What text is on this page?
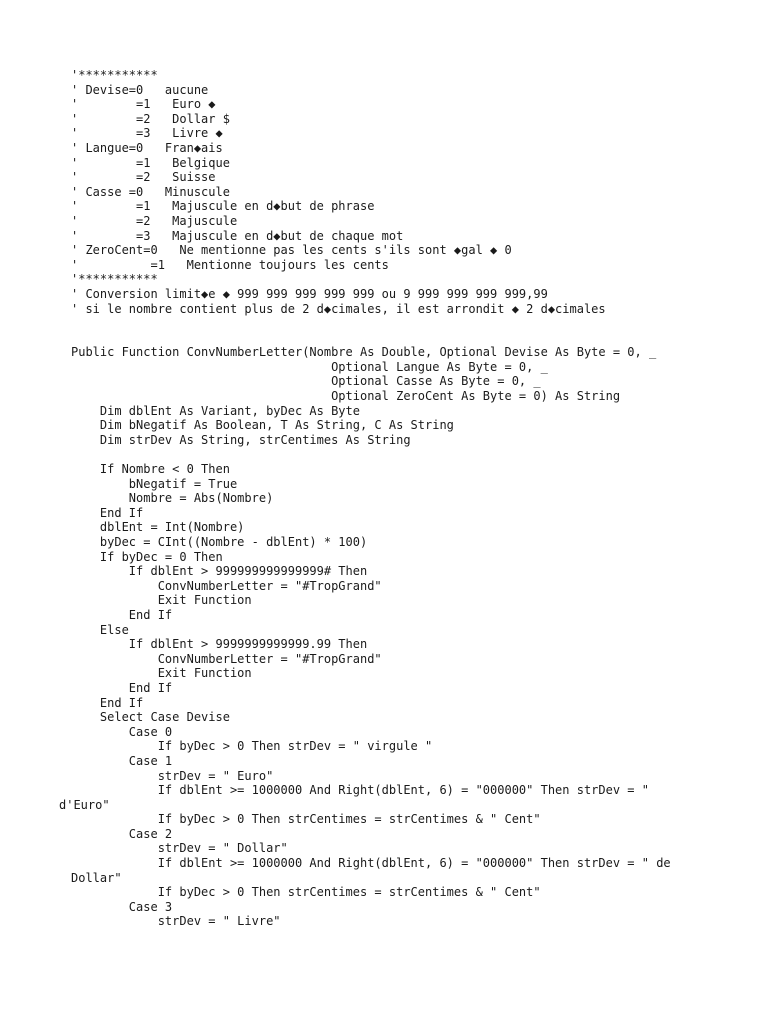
'***********
' Devise=0   aucune
'        =1   Euro ◆
'        =2   Dollar $
'        =3   Livre ◆
' Langue=0   Fran◆ais
'        =1   Belgique
'        =2   Suisse
' Casse =0   Minuscule
'        =1   Majuscule en d◆but de phrase
'        =2   Majuscule
'        =3   Majuscule en d◆but de chaque mot
' ZeroCent=0   Ne mentionne pas les cents s'ils sont ◆gal ◆ 0
'          =1   Mentionne toujours les cents
'***********
' Conversion limit◆e ◆ 999 999 999 999 999 ou 9 999 999 999 999,99
' si le nombre contient plus de 2 d◆cimales, il est arrondit ◆ 2 d◆cimales
Public Function ConvNumberLetter(Nombre As Double, Optional Devise As Byte = 0, _
Optional Langue As Byte = 0, _
Optional Casse As Byte = 0, _
Optional ZeroCent As Byte = 0) As String
Dim dblEnt As Variant, byDec As Byte
Dim bNegatif As Boolean, T As String, C As String
Dim strDev As String, strCentimes As String
If Nombre < 0 Then
bNegatif = True
Nombre = Abs(Nombre)
End If
dblEnt = Int(Nombre)
byDec = CInt((Nombre - dblEnt) * 100)
If byDec = 0 Then
If dblEnt > 999999999999999# Then
ConvNumberLetter = "#TropGrand"
Exit Function
End If
Else
If dblEnt > 9999999999999.99 Then
ConvNumberLetter = "#TropGrand"
Exit Function
End If
End If
Select Case Devise
Case 0
If byDec > 0 Then strDev = " virgule "
Case 1
strDev = " Euro"
If dblEnt >= 1000000 And Right(dblEnt, 6) = "000000" Then strDev = "
d'Euro"
If byDec > 0 Then strCentimes = strCentimes & " Cent"
Case 2
strDev = " Dollar"
If dblEnt >= 1000000 And Right(dblEnt, 6) = "000000" Then strDev = " de
Dollar"
If byDec > 0 Then strCentimes = strCentimes & " Cent"
Case 3
strDev = " Livre"
